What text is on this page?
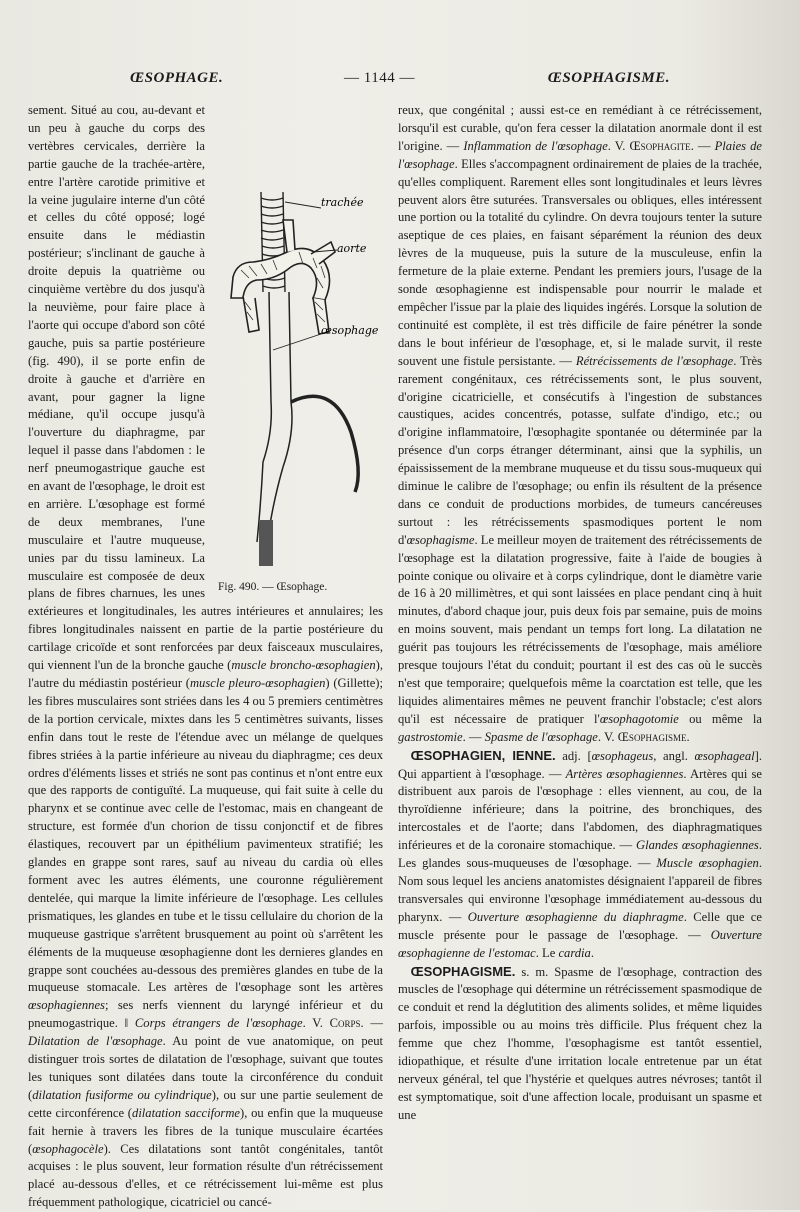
ŒSOPHAGE.	— 1144 —	ŒSOPHAGISME.
trachée
aorte
œsophage
Fig. 490. — Œsophage.

sement. Situé au cou, au-devant et un peu à gauche du corps des vertèbres cervicales, derrière la partie gauche de la trachée-artère, entre l'artère carotide primitive et la veine jugulaire interne d'un côté et celles du côté opposé; logé ensuite dans le médiastin postérieur; s'inclinant de gauche à droite depuis la quatrième ou cinquième vertèbre du dos jusqu'à la neuvième, pour faire place à l'aorte qui occupe d'abord son côté gauche, puis sa partie postérieure (fig. 490), il se porte enfin de droite à gauche et d'arrière en avant, pour gagner la ligne médiane, qu'il occupe jusqu'à l'ouverture du diaphragme, par lequel il passe dans l'abdomen : le nerf pneumogastrique gauche est en avant de l'œsophage, le droit est en arrière. L'œsophage est formé de deux membranes, l'une musculaire et l'autre muqueuse, unies par du tissu lamineux. La musculaire est composée de deux plans de fibres charnues, les unes extérieures et longitudinales, les autres intérieures et annulaires; les fibres longitudinales naissent en partie de la partie postérieure du cartilage cricoïde et sont renforcées par deux faisceaux musculaires, qui viennent l'un de la bronche gauche (muscle broncho-œsophagien), l'autre du médiastin postérieur (muscle pleuro-œsophagien) (Gillette); les fibres musculaires sont striées dans les 4 ou 5 premiers centimètres de la portion cervicale, mixtes dans les 5 centimètres suivants, lisses enfin dans tout le reste de l'étendue avec un mélange de quelques fibres striées à la partie inférieure au niveau du diaphragme; ces deux ordres d'éléments lisses et striés ne sont pas continus et n'ont entre eux que des rapports de contiguïté. La muqueuse, qui fait suite à celle du pharynx et se continue avec celle de l'estomac, mais en changeant de structure, est formée d'un chorion de tissu conjonctif et de fibres élastiques, recouvert par un épithélium pavimenteux stratifié; les glandes en grappe sont rares, sauf au niveau du cardia où elles forment avec les autres éléments, une couronne régulièrement dentelée, qui marque la limite inférieure de l'œsophage. Les cellules prismatiques, les glandes en tube et le tissu cellulaire du chorion de la muqueuse gastrique s'arrêtent brusquement au point où s'arrêtent les éléments de la muqueuse œsophagienne dont les dernieres glandes en grappe sont couchées au-dessous des premières glandes en tube de la muqueuse stomacale. Les artères de l'œsophage sont les artères œsophagiennes; ses nerfs viennent du laryngé inférieur et du pneumogastrique. ‖ Corps étrangers de l'œsophage. V. Corps. — Dilatation de l'œsophage. Au point de vue anatomique, on peut distinguer trois sortes de dilatation de l'œsophage, suivant que toutes les tuniques sont dilatées dans toute la circonférence du conduit (dilatation fusiforme ou cylindrique), ou sur une partie seulement de cette circonférence (dilatation sacciforme), ou enfin que la muqueuse fait hernie à travers les fibres de la tunique musculaire écartées (œsophagocèle). Ces dilatations sont tantôt congénitales, tantôt acquises : le plus souvent, leur formation résulte d'un rétrécissement placé au-dessous d'elles, et ce rétrécissement lui-même est plus fréquemment pathologique, cicatriciel ou cancé-

reux, que congénital ; aussi est-ce en remédiant à ce rétrécissement, lorsqu'il est curable, qu'on fera cesser la dilatation anormale dont il est l'origine. — Inflammation de l'œsophage. V. Œsophagite. — Plaies de l'œsophage. Elles s'accompagnent ordinairement de plaies de la trachée, qu'elles compliquent. Rarement elles sont longitudinales et leurs lèvres peuvent alors être suturées. Transversales ou obliques, elles intéressent une portion ou la totalité du cylindre. On devra toujours tenter la suture aseptique de ces plaies, en faisant séparément la réunion des deux lèvres de la muqueuse, puis la suture de la musculeuse, enfin la fermeture de la plaie externe. Pendant les premiers jours, l'usage de la sonde œsophagienne est indispensable pour nourrir le malade et empêcher l'issue par la plaie des liquides ingérés. Lorsque la solution de continuité est complète, il est très difficile de faire pénétrer la sonde dans le bout inférieur de l'œsophage, et, si le malade survit, il reste souvent une fistule persistante. — Rétrécissements de l'œsophage. Très rarement congénitaux, ces rétrécissements sont, le plus souvent, d'origine cicatricielle, et consécutifs à l'ingestion de substances caustiques, acides concentrés, potasse, sulfate d'indigo, etc.; ou d'origine inflammatoire, l'œsophagite spontanée ou déterminée par la présence d'un corps étranger déterminant, ainsi que la syphilis, un épaississement de la membrane muqueuse et du tissu sous-muqueux qui diminue le calibre de l'œsophage; ou enfin ils résultent de la présence dans ce conduit de productions morbides, de tumeurs cancéreuses surtout : les rétrécissements spasmodiques portent le nom d'œsophagisme. Le meilleur moyen de traitement des rétrécissements de l'œsophage est la dilatation progressive, faite à l'aide de bougies à pointe conique ou olivaire et à corps cylindrique, dont le diamètre varie de 16 à 20 millimètres, et qui sont laissées en place pendant cinq à huit minutes, d'abord chaque jour, puis deux fois par semaine, puis de moins en moins souvent, mais pendant un temps fort long. La dilatation ne guérit pas toujours les rétrécissements de l'œsophage, mais améliore presque toujours l'état du conduit; pourtant il est des cas où le succès n'est que temporaire; quelquefois même la coarctation est telle, que les liquides alimentaires mêmes ne peuvent franchir l'obstacle; c'est alors qu'il est nécessaire de pratiquer l'œsophagotomie ou même la gastrostomie. — Spasme de l'œsophage. V. Œsophagisme.

 ŒSOPHAGIEN, IENNE. adj. [œsophageus, angl. œsophageal]. Qui appartient à l'œsophage. — Artères œsophagiennes. Artères qui se distribuent aux parois de l'œsophage : elles viennent, au cou, de la thyroïdienne inférieure; dans la poitrine, des bronchiques, des intercostales et de l'aorte; dans l'abdomen, des diaphragmatiques inférieures et de la coronaire stomachique. — Glandes œsophagiennes. Les glandes sous-muqueuses de l'œsophage. — Muscle œsophagien. Nom sous lequel les anciens anatomistes désignaient l'appareil de fibres transversales qui environne l'œsophage immédiatement au-dessous du pharynx. — Ouverture œsophagienne du diaphragme. Celle que ce muscle présente pour le passage de l'œsophage. — Ouverture œsophagienne de l'estomac. Le cardia.

 ŒSOPHAGISME. s. m. Spasme de l'œsophage, contraction des muscles de l'œsophage qui détermine un rétrécissement spasmodique de ce conduit et rend la déglutition des aliments solides, et même liquides parfois, impossible ou au moins très difficile. Plus fréquent chez la femme que chez l'homme, l'œsophagisme est tantôt essentiel, idiopathique, et résulte d'une irritation locale entretenue par un état nerveux général, tel que l'hystérie et quelques autres névroses; tantôt il est symptomatique, soit d'une affection locale, produisant un spasme et une
